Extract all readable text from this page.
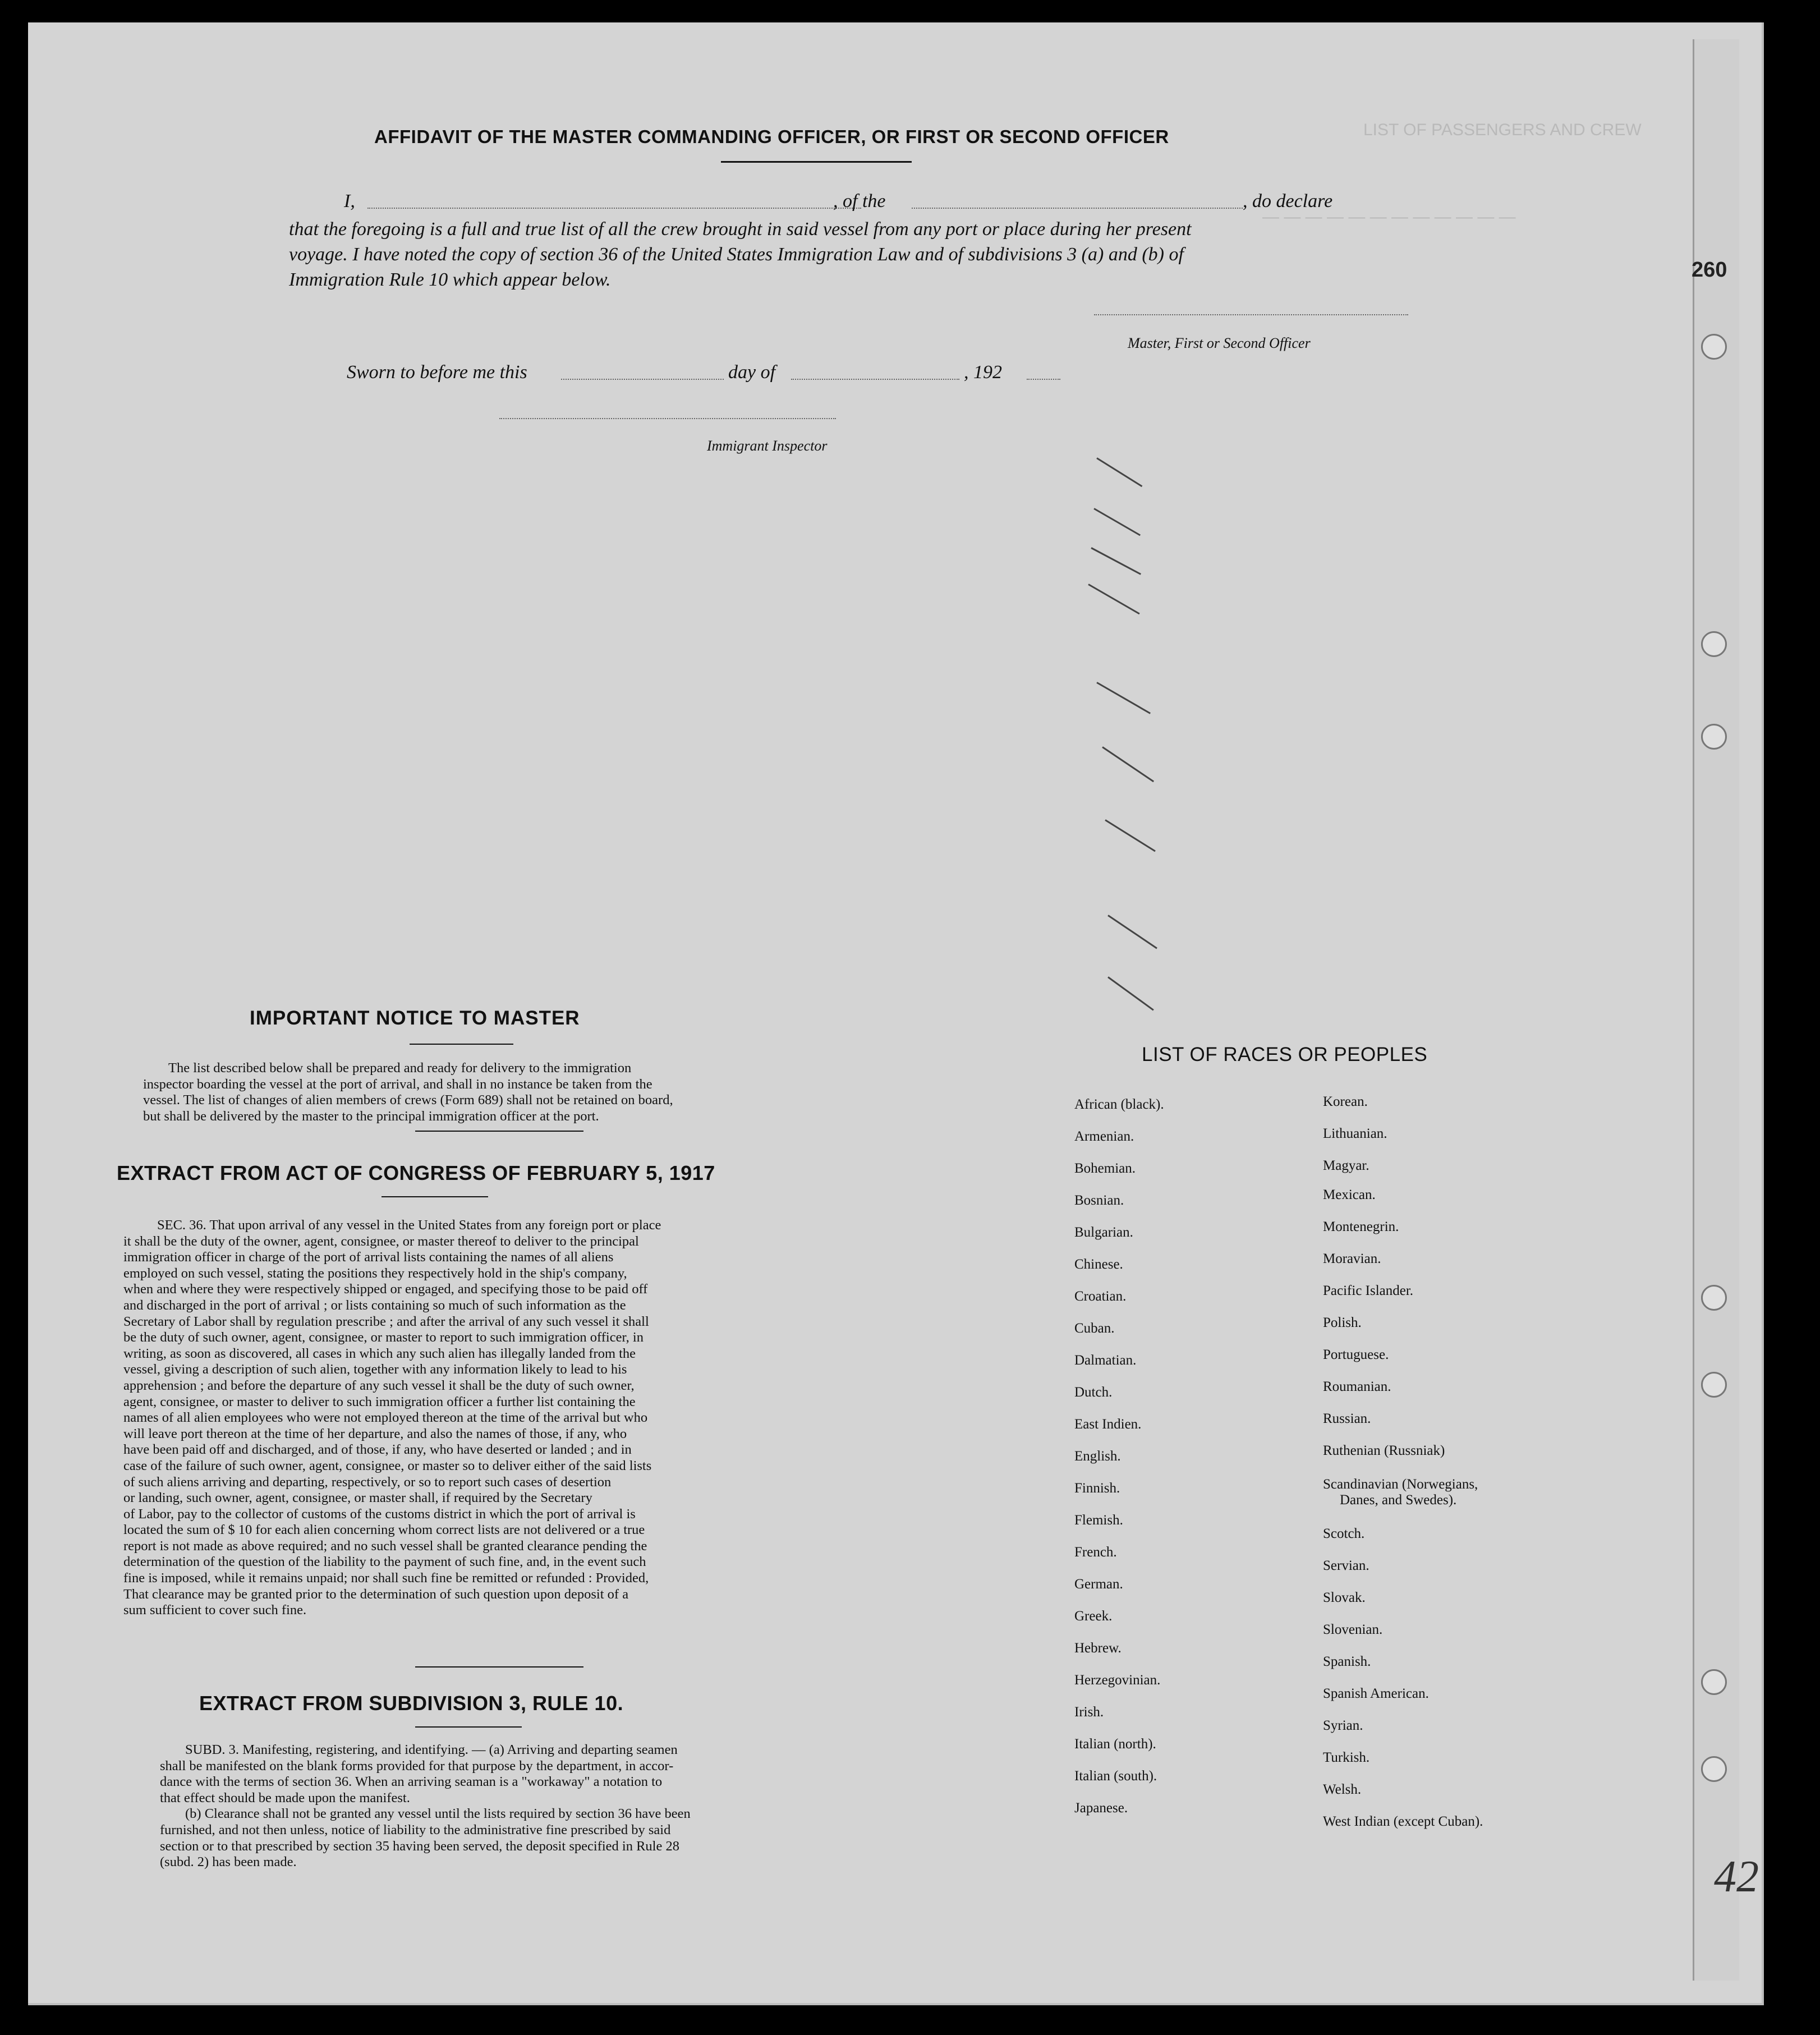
LIST OF PASSENGERS AND CREW
— — — — — — — — — — — —
260
42
AFFIDAVIT OF THE MASTER COMMANDING OFFICER, OR FIRST OR SECOND OFFICER
I,	, of the	, do declare
that the foregoing is a full and true list of all the crew brought in said vessel from any port or place during her present
voyage. I have noted the copy of section 36 of the United States Immigration Law and of subdivisions 3 (a) and (b) of
Immigration Rule 10 which appear below.
Master, First or Second Officer
Sworn to before me this	day of	, 192
Immigrant Inspector
IMPORTANT NOTICE TO MASTER
The list described below shall be prepared and ready for delivery to the immigration
inspector boarding the vessel at the port of arrival, and shall in no instance be taken from the
vessel. The list of changes of alien members of crews (Form 689) shall not be retained on board,
but shall be delivered by the master to the principal immigration officer at the port.
EXTRACT FROM ACT OF CONGRESS OF FEBRUARY 5, 1917
SEC. 36. That upon arrival of any vessel in the United States from any foreign port or place
it shall be the duty of the owner, agent, consignee, or master thereof to deliver to the principal
immigration officer in charge of the port of arrival lists containing the names of all aliens
employed on such vessel, stating the positions they respectively hold in the ship's company,
when and where they were respectively shipped or engaged, and specifying those to be paid off
and discharged in the port of arrival ; or lists containing so much of such information as the
Secretary of Labor shall by regulation prescribe ; and after the arrival of any such vessel it shall
be the duty of such owner, agent, consignee, or master to report to such immigration officer, in
writing, as soon as discovered, all cases in which any such alien has illegally landed from the
vessel, giving a description of such alien, together with any information likely to lead to his
apprehension ; and before the departure of any such vessel it shall be the duty of such owner,
agent, consignee, or master to deliver to such immigration officer a further list containing the
names of all alien employees who were not employed thereon at the time of the arrival but who
will leave port thereon at the time of her departure, and also the names of those, if any, who
have been paid off and discharged, and of those, if any, who have deserted or landed ; and in
case of the failure of such owner, agent, consignee, or master so to deliver either of the said lists
of such aliens arriving and departing, respectively, or so to report such cases of desertion
or landing, such owner, agent, consignee, or master shall, if required by the Secretary
of Labor, pay to the collector of customs of the customs district in which the port of arrival is
located the sum of $ 10 for each alien concerning whom correct lists are not delivered or a true
report is not made as above required; and no such vessel shall be granted clearance pending the
determination of the question of the liability to the payment of such fine, and, in the event such
fine is imposed, while it remains unpaid; nor shall such fine be remitted or refunded : Provided,
That clearance may be granted prior to the determination of such question upon deposit of a
sum sufficient to cover such fine.
EXTRACT FROM SUBDIVISION 3, RULE 10.
SUBD. 3. Manifesting, registering, and identifying. — (a) Arriving and departing seamen
shall be manifested on the blank forms provided for that purpose by the department, in accor-
dance with the terms of section 36. When an arriving seaman is a "workaway" a notation to
that effect should be made upon the manifest.
(b) Clearance shall not be granted any vessel until the lists required by section 36 have been
furnished, and not then unless, notice of liability to the administrative fine prescribed by said
section or to that prescribed by section 35 having been served, the deposit specified in Rule 28
(subd. 2) has been made.
LIST OF RACES OR PEOPLES
African (black).
Armenian.
Bohemian.
Bosnian.
Bulgarian.
Chinese.
Croatian.
Cuban.
Dalmatian.
Dutch.
East Indien.
English.
Finnish.
Flemish.
French.
German.
Greek.
Hebrew.
Herzegovinian.
Irish.
Italian (north).
Italian (south).
Japanese.
Korean.
Lithuanian.
Magyar.
Mexican.
Montenegrin.
Moravian.
Pacific Islander.
Polish.
Portuguese.
Roumanian.
Russian.
Ruthenian (Russniak)
Scandinavian (Norwegians,
Danes, and Swedes).
Scotch.
Servian.
Slovak.
Slovenian.
Spanish.
Spanish American.
Syrian.
Turkish.
Welsh.
West Indian (except Cuban).
